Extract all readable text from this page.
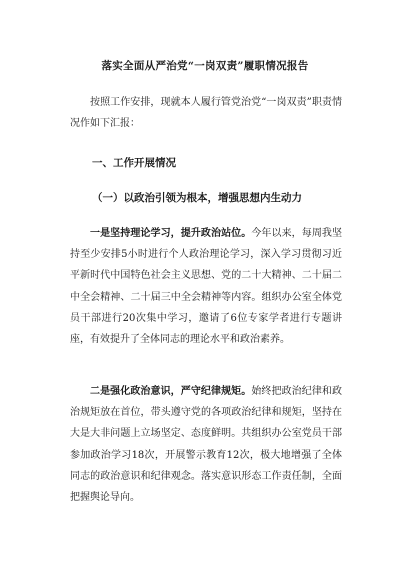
落实全面从严治党“一岗双责”履职情况报告

按照工作安排，现就本人履行管党治党“一岗双责”职责情况作如下汇报：

一、工作开展情况
（一）以政治引领为根本，增强思想内生动力

一是坚持理论学习，提升政治站位。今年以来，每周我坚持至少安排5小时进行个人政治理论学习，深入学习贯彻习近平新时代中国特色社会主义思想、党的二十大精神、二十届二中全会精神、二十届三中全会精神等内容。组织办公室全体党员干部进行20次集中学习，邀请了6位专家学者进行专题讲座，有效提升了全体同志的理论水平和政治素养。

二是强化政治意识，严守纪律规矩。始终把政治纪律和政治规矩放在首位，带头遵守党的各项政治纪律和规矩，坚持在大是大非问题上立场坚定、态度鲜明。共组织办公室党员干部参加政治学习18次，开展警示教育12次，极大地增强了全体同志的政治意识和纪律观念。落实意识形态工作责任制，全面把握舆论导向。
